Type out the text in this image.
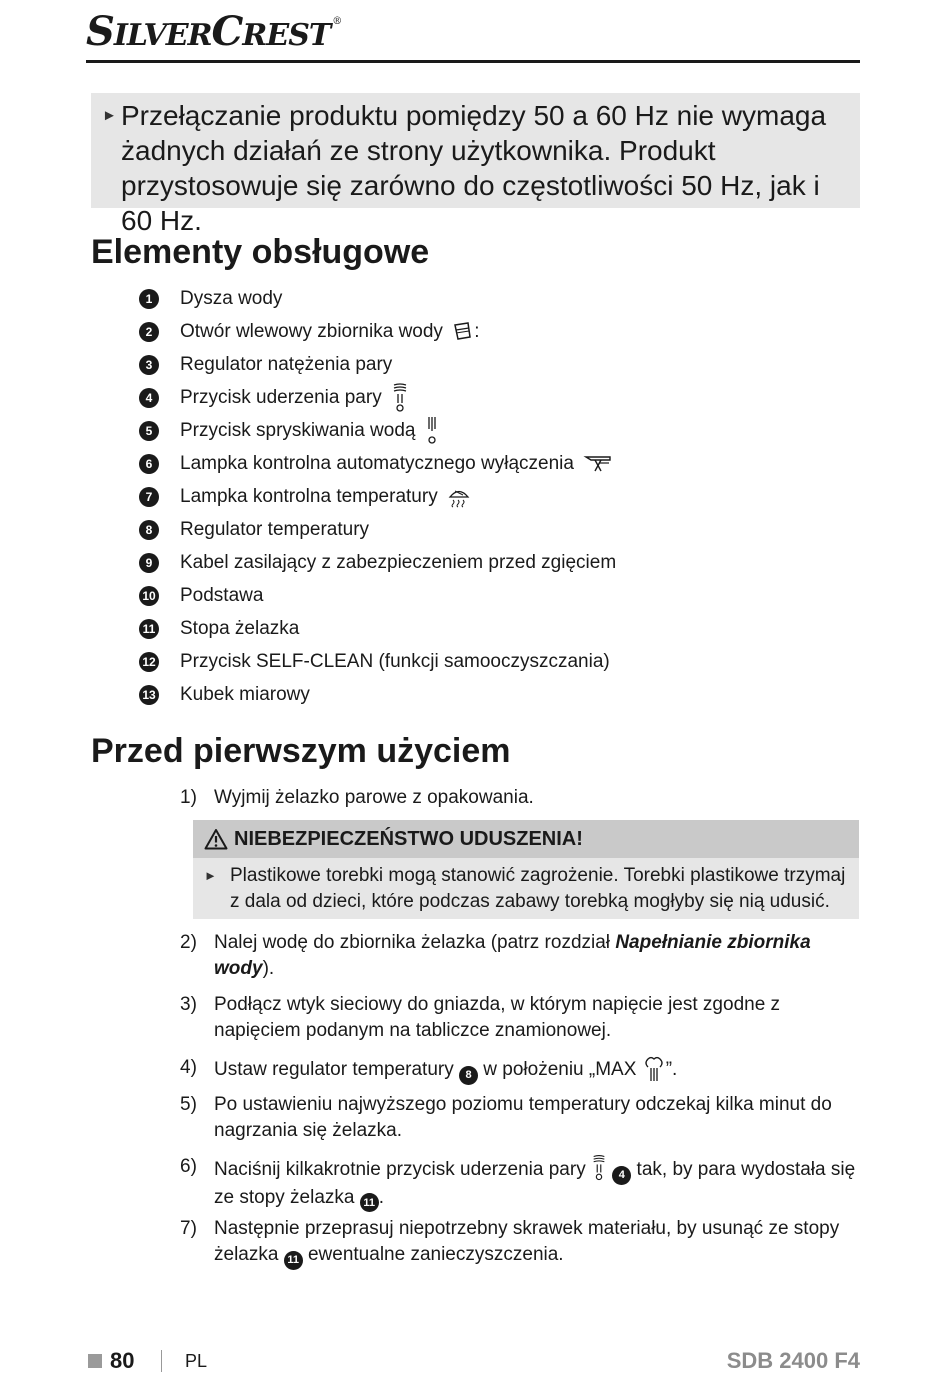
SILVERCREST ®
► Przełączanie produktu pomiędzy 50 a 60 Hz nie wymaga żadnych działań ze strony użytkownika. Produkt przystosowuje się zarówno do częstotliwości 50 Hz, jak i 60 Hz.
Elementy obsługowe
1	Dysza wody
2	Otwór wlewowy zbiornika wody :
3	Regulator natężenia pary
4	Przycisk uderzenia pary
5	Przycisk spryskiwania wodą
6	Lampka kontrolna automatycznego wyłączenia
7	Lampka kontrolna temperatury
8	Regulator temperatury
9	Kabel zasilający z zabezpieczeniem przed zgięciem
10 Podstawa
11 Stopa żelazka
12 Przycisk SELF-CLEAN (funkcji samooczyszczania)
13 Kubek miarowy
Przed pierwszym użyciem
1) Wyjmij żelazko parowe z opakowania.
NIEBEZPIECZEŃSTWO UDUSZENIA!
► Plastikowe torebki mogą stanowić zagrożenie. Torebki plastikowe trzymaj z dala od dzieci, które podczas zabawy torebką mogłyby się nią udusić.
2) Nalej wodę do zbiornika żelazka (patrz rozdział Napełnianie zbiornika wody).
3) Podłącz wtyk sieciowy do gniazda, w którym napięcie jest zgodne z napięciem podanym na tabliczce znamionowej.
4) Ustaw regulator temperatury 8 w położeniu „MAX ”.
5) Po ustawieniu najwyższego poziomu temperatury odczekaj kilka minut do nagrzania się żelazka.
6) Naciśnij kilkakrotnie przycisk uderzenia pary	4 tak, by para wydostała się ze stopy żelazka 11 .
7) Następnie przeprasuj niepotrzebny skrawek materiału, by usunąć ze stopy żelazka 11 ewentualne zanieczyszczenia.
80	PL	SDB 2400 F4
